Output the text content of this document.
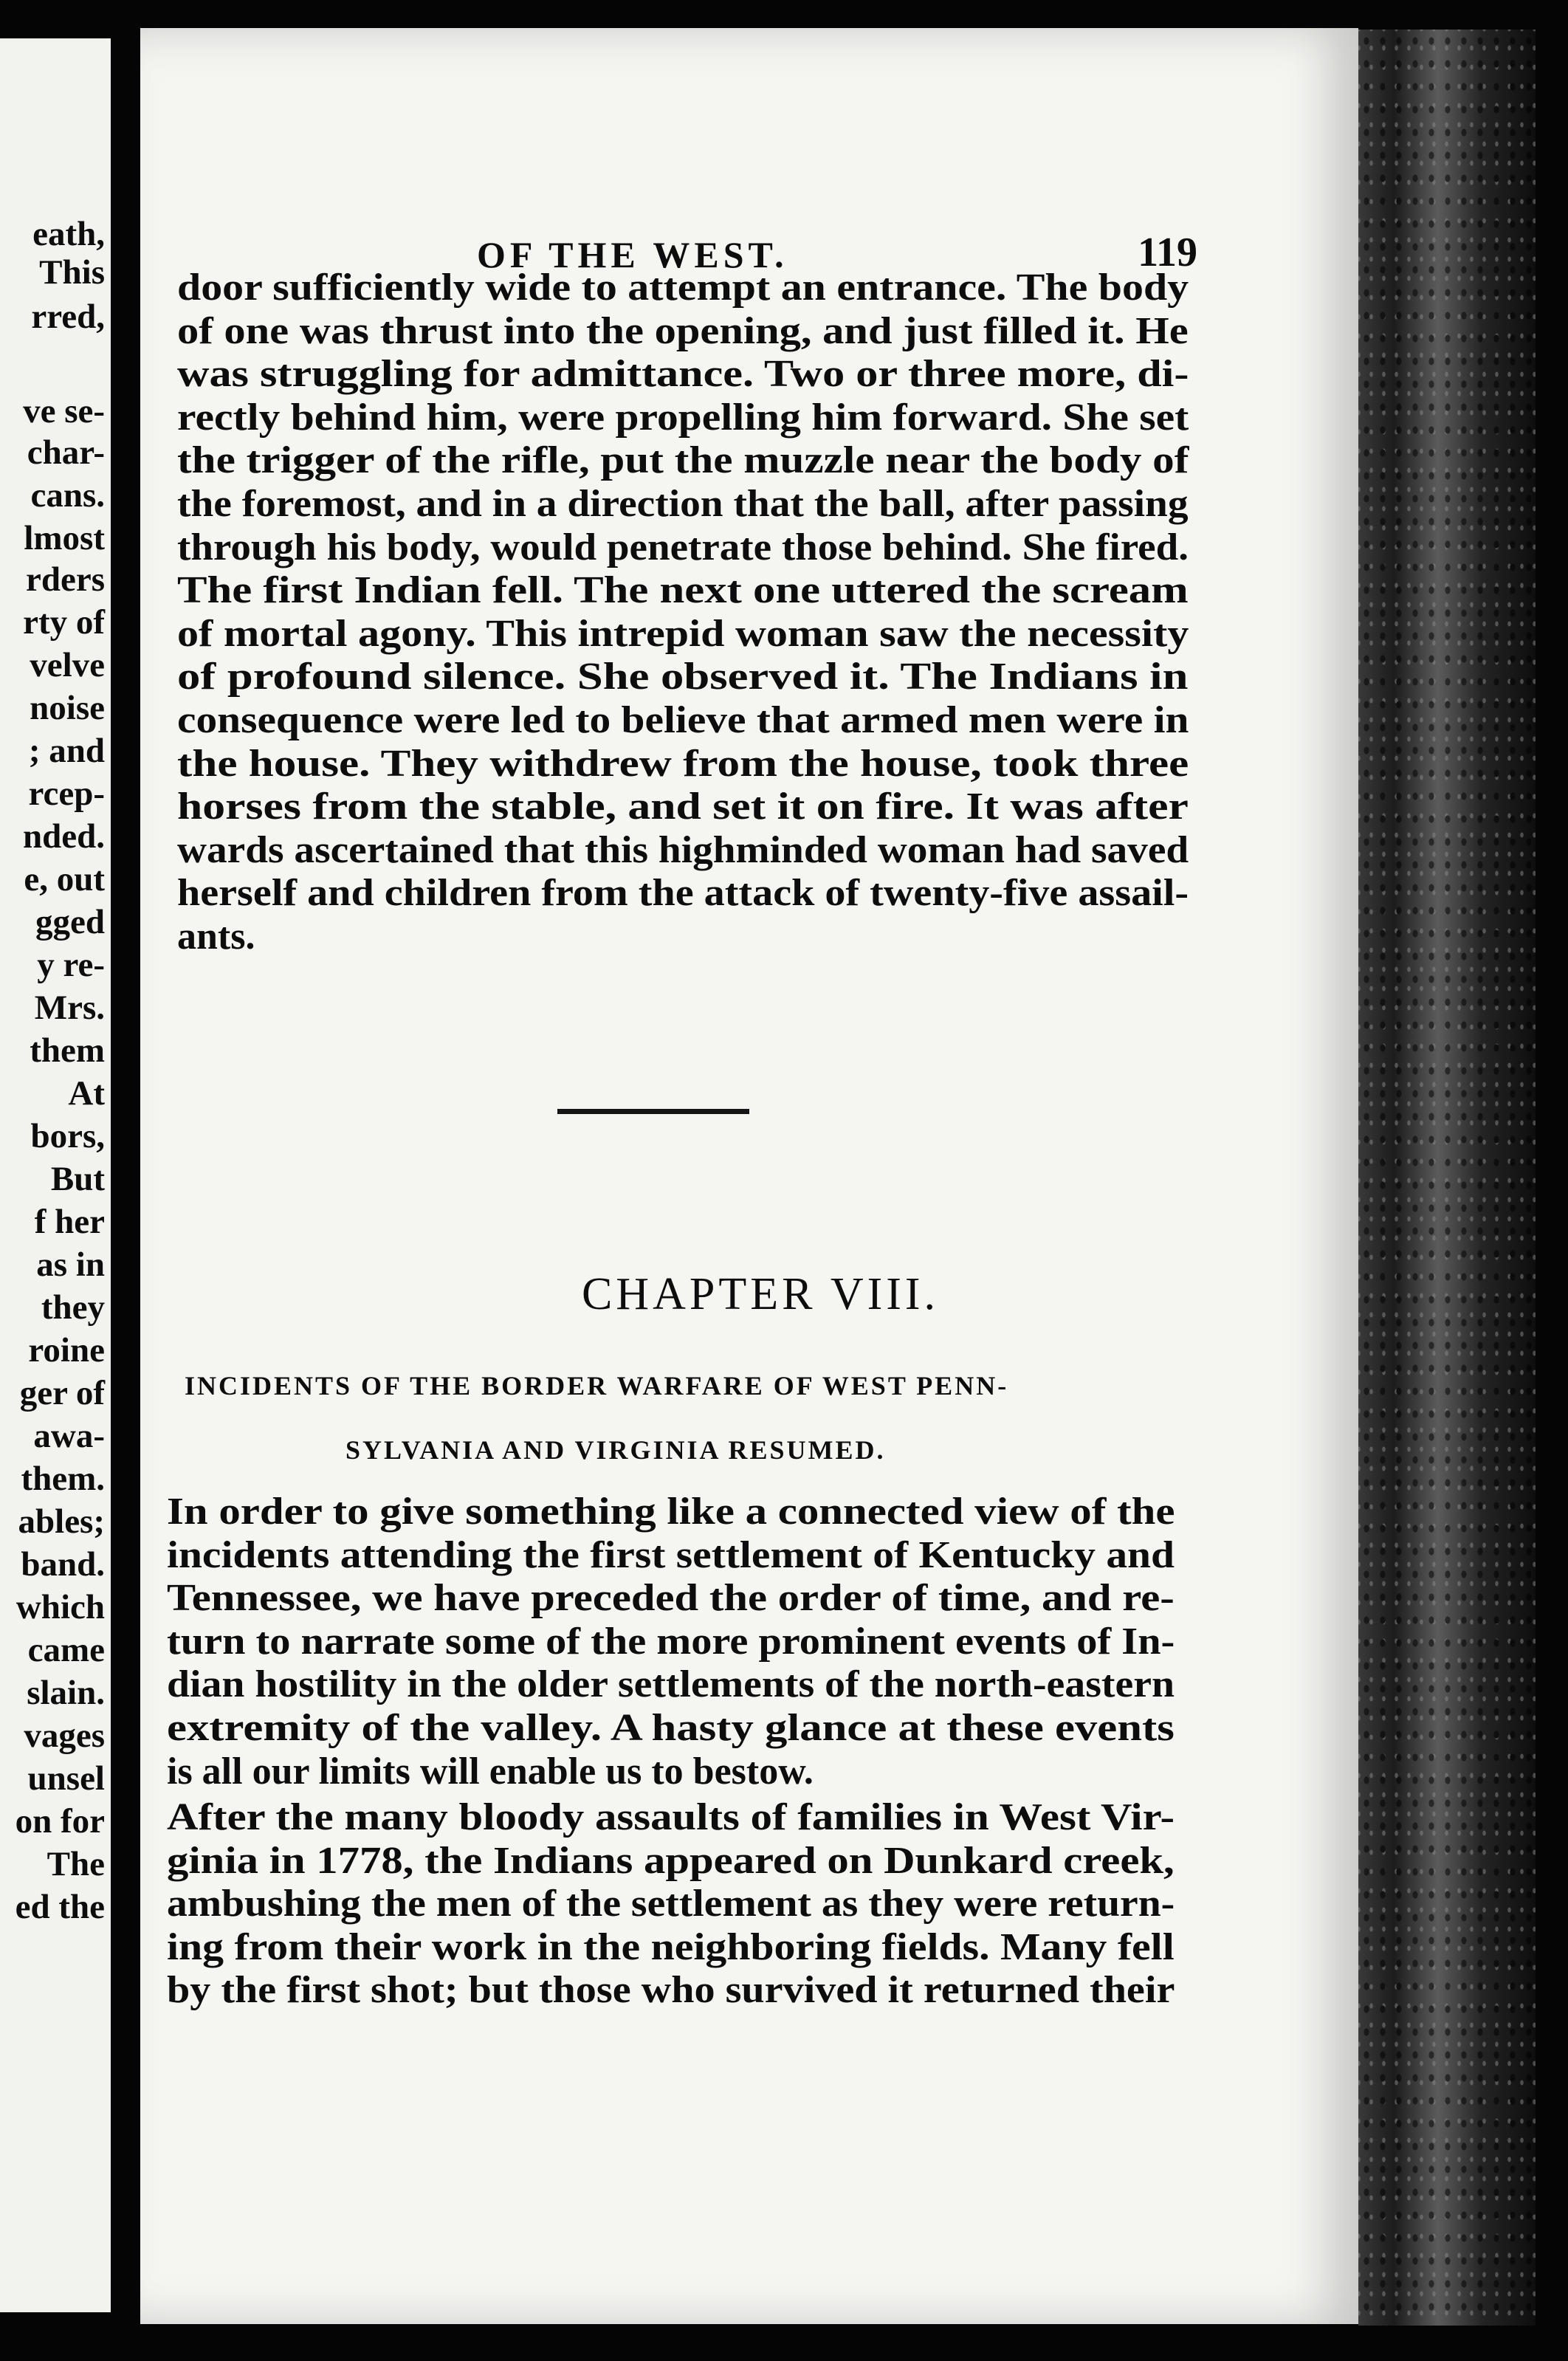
eath,
This
rred,
ve se-
char-
cans.
lmost
rders
rty of
velve
noise
; and
rcep-
nded.
e, out
gged
y re-
Mrs.
them
At
bors,
But
f her
as in
they
roine
ger of
awa-
them.
ables;
band.
which
came
slain.
vages
unsel
on for
The
ed the
OF THE WEST.	119
door sufficiently wide to attempt an entrance. The body
of one was thrust into the opening, and just filled it. He
was struggling for admittance. Two or three more, di-
rectly behind him, were propelling him forward. She set
the trigger of the rifle, put the muzzle near the body of
the foremost, and in a direction that the ball, after passing
through his body, would penetrate those behind. She fired.
The first Indian fell. The next one uttered the scream
of mortal agony. This intrepid woman saw the necessity
of profound silence. She observed it. The Indians in
consequence were led to believe that armed men were in
the house. They withdrew from the house, took three
horses from the stable, and set it on fire. It was after
wards ascertained that this highminded woman had saved
herself and children from the attack of twenty-five assail-
ants.
CHAPTER VIII.
INCIDENTS OF THE BORDER WARFARE OF WEST PENN-
SYLVANIA AND VIRGINIA RESUMED.
In order to give something like a connected view of the
incidents attending the first settlement of Kentucky and
Tennessee, we have preceded the order of time, and re-
turn to narrate some of the more prominent events of In-
dian hostility in the older settlements of the north-eastern
extremity of the valley. A hasty glance at these events
is all our limits will enable us to bestow.
After the many bloody assaults of families in West Vir-
ginia in 1778, the Indians appeared on Dunkard creek,
ambushing the men of the settlement as they were return-
ing from their work in the neighboring fields. Many fell
by the first shot; but those who survived it returned their
